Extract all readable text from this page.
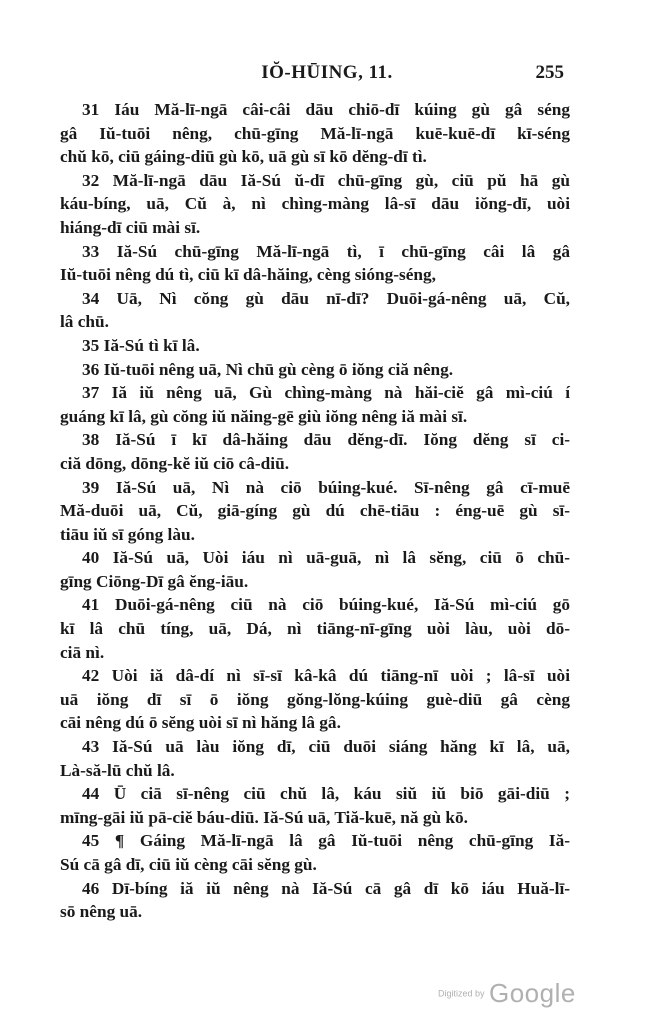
IŎ-HŪING, 11.	255
31 Iáu Mă-lī-ngā câi-câi dāu chiō-dī kúing gù gâ séng
gâ Iŭ-tuōi nêng, chū-gīng Mă-lī-ngā kuē-kuē-dī kī-séng
chŭ kō, ciū gáing-diū gù kō, uā gù sī kō dĕng-dī tì.
32 Mă-lī-ngā dāu Iă-Sú ŭ-dī chū-gīng gù, ciū pŭ hā gù
káu-bíng, uā, Cŭ à, nì chìng-màng lâ-sī dāu iŏng-dī, uòi
hiáng-dī ciū mài sī.
33 Iă-Sú chū-gīng Mă-lī-ngā tì, ī chū-gīng câi lâ gâ
Iŭ-tuōi nêng dú tì, ciū kī dâ-hăing, cèng sióng-séng,
34 Uā, Nì cŏng gù dāu nī-dī? Duōi-gá-nêng uā, Cŭ,
lâ chū.
35 Iă-Sú tì kī lâ.
36 Iŭ-tuōi nêng uā, Nì chū gù cèng ō iŏng ciă nêng.
37 Iă iŭ nêng uā, Gù chìng-màng nà hăi-ciĕ gâ mì-ciú í
guáng kī lâ, gù cŏng iŭ năing-gē giù iŏng nêng iă mài sī.
38 Iă-Sú ī kī dâ-hăing dāu dĕng-dī. Iŏng dĕng sī ci-
ciă dōng, dōng-kĕ iŭ ciō câ-diū.
39 Iă-Sú uā, Nì nà ciō búing-kué. Sī-nêng gâ cī-muē
Mă-duōi uā, Cŭ, giā-gíng gù dú chē-tiāu : éng-uē gù sī-
tiāu iŭ sī góng làu.
40 Iă-Sú uā, Uòi iáu nì uā-guā, nì lâ sĕng, ciū ō chū-
gīng Ciōng-Dī gâ ĕng-iāu.
41 Duōi-gá-nêng ciū nà ciō búing-kué, Iă-Sú mì-ciú gō
kī lâ chū tíng, uā, Dá, nì tiāng-nī-gīng uòi làu, uòi dō-
ciā nì.
42 Uòi iă dâ-dí nì sī-sī kâ-kâ dú tiāng-nī uòi ; lâ-sī uòi
uā iŏng dī sī ō iŏng gŏng-lŏng-kúing guè-diū gâ cèng
cāi nêng dú ō sĕng uòi sī nì hăng lâ gâ.
43 Iă-Sú uā làu iŏng dī, ciū duōi siáng hăng kī lâ, uā,
Là-să-lū chŭ lâ.
44 Ū ciā sī-nêng ciū chŭ lâ, káu siŭ iŭ biō gāi-diū ;
mīng-gāi iŭ pā-ciĕ báu-diū. Iă-Sú uā, Tiă-kuē, nă gù kō.
45 ¶ Gáing Mă-lī-ngā lâ gâ Iŭ-tuōi nêng chū-gīng Iă-
Sú cā gâ dī, ciū iŭ cèng cāi sĕng gù.
46 Dī-bíng iă iŭ nêng nà Iă-Sú cā gâ dī kō iáu Huă-lī-
sō nêng uā.
Digitized by Google
